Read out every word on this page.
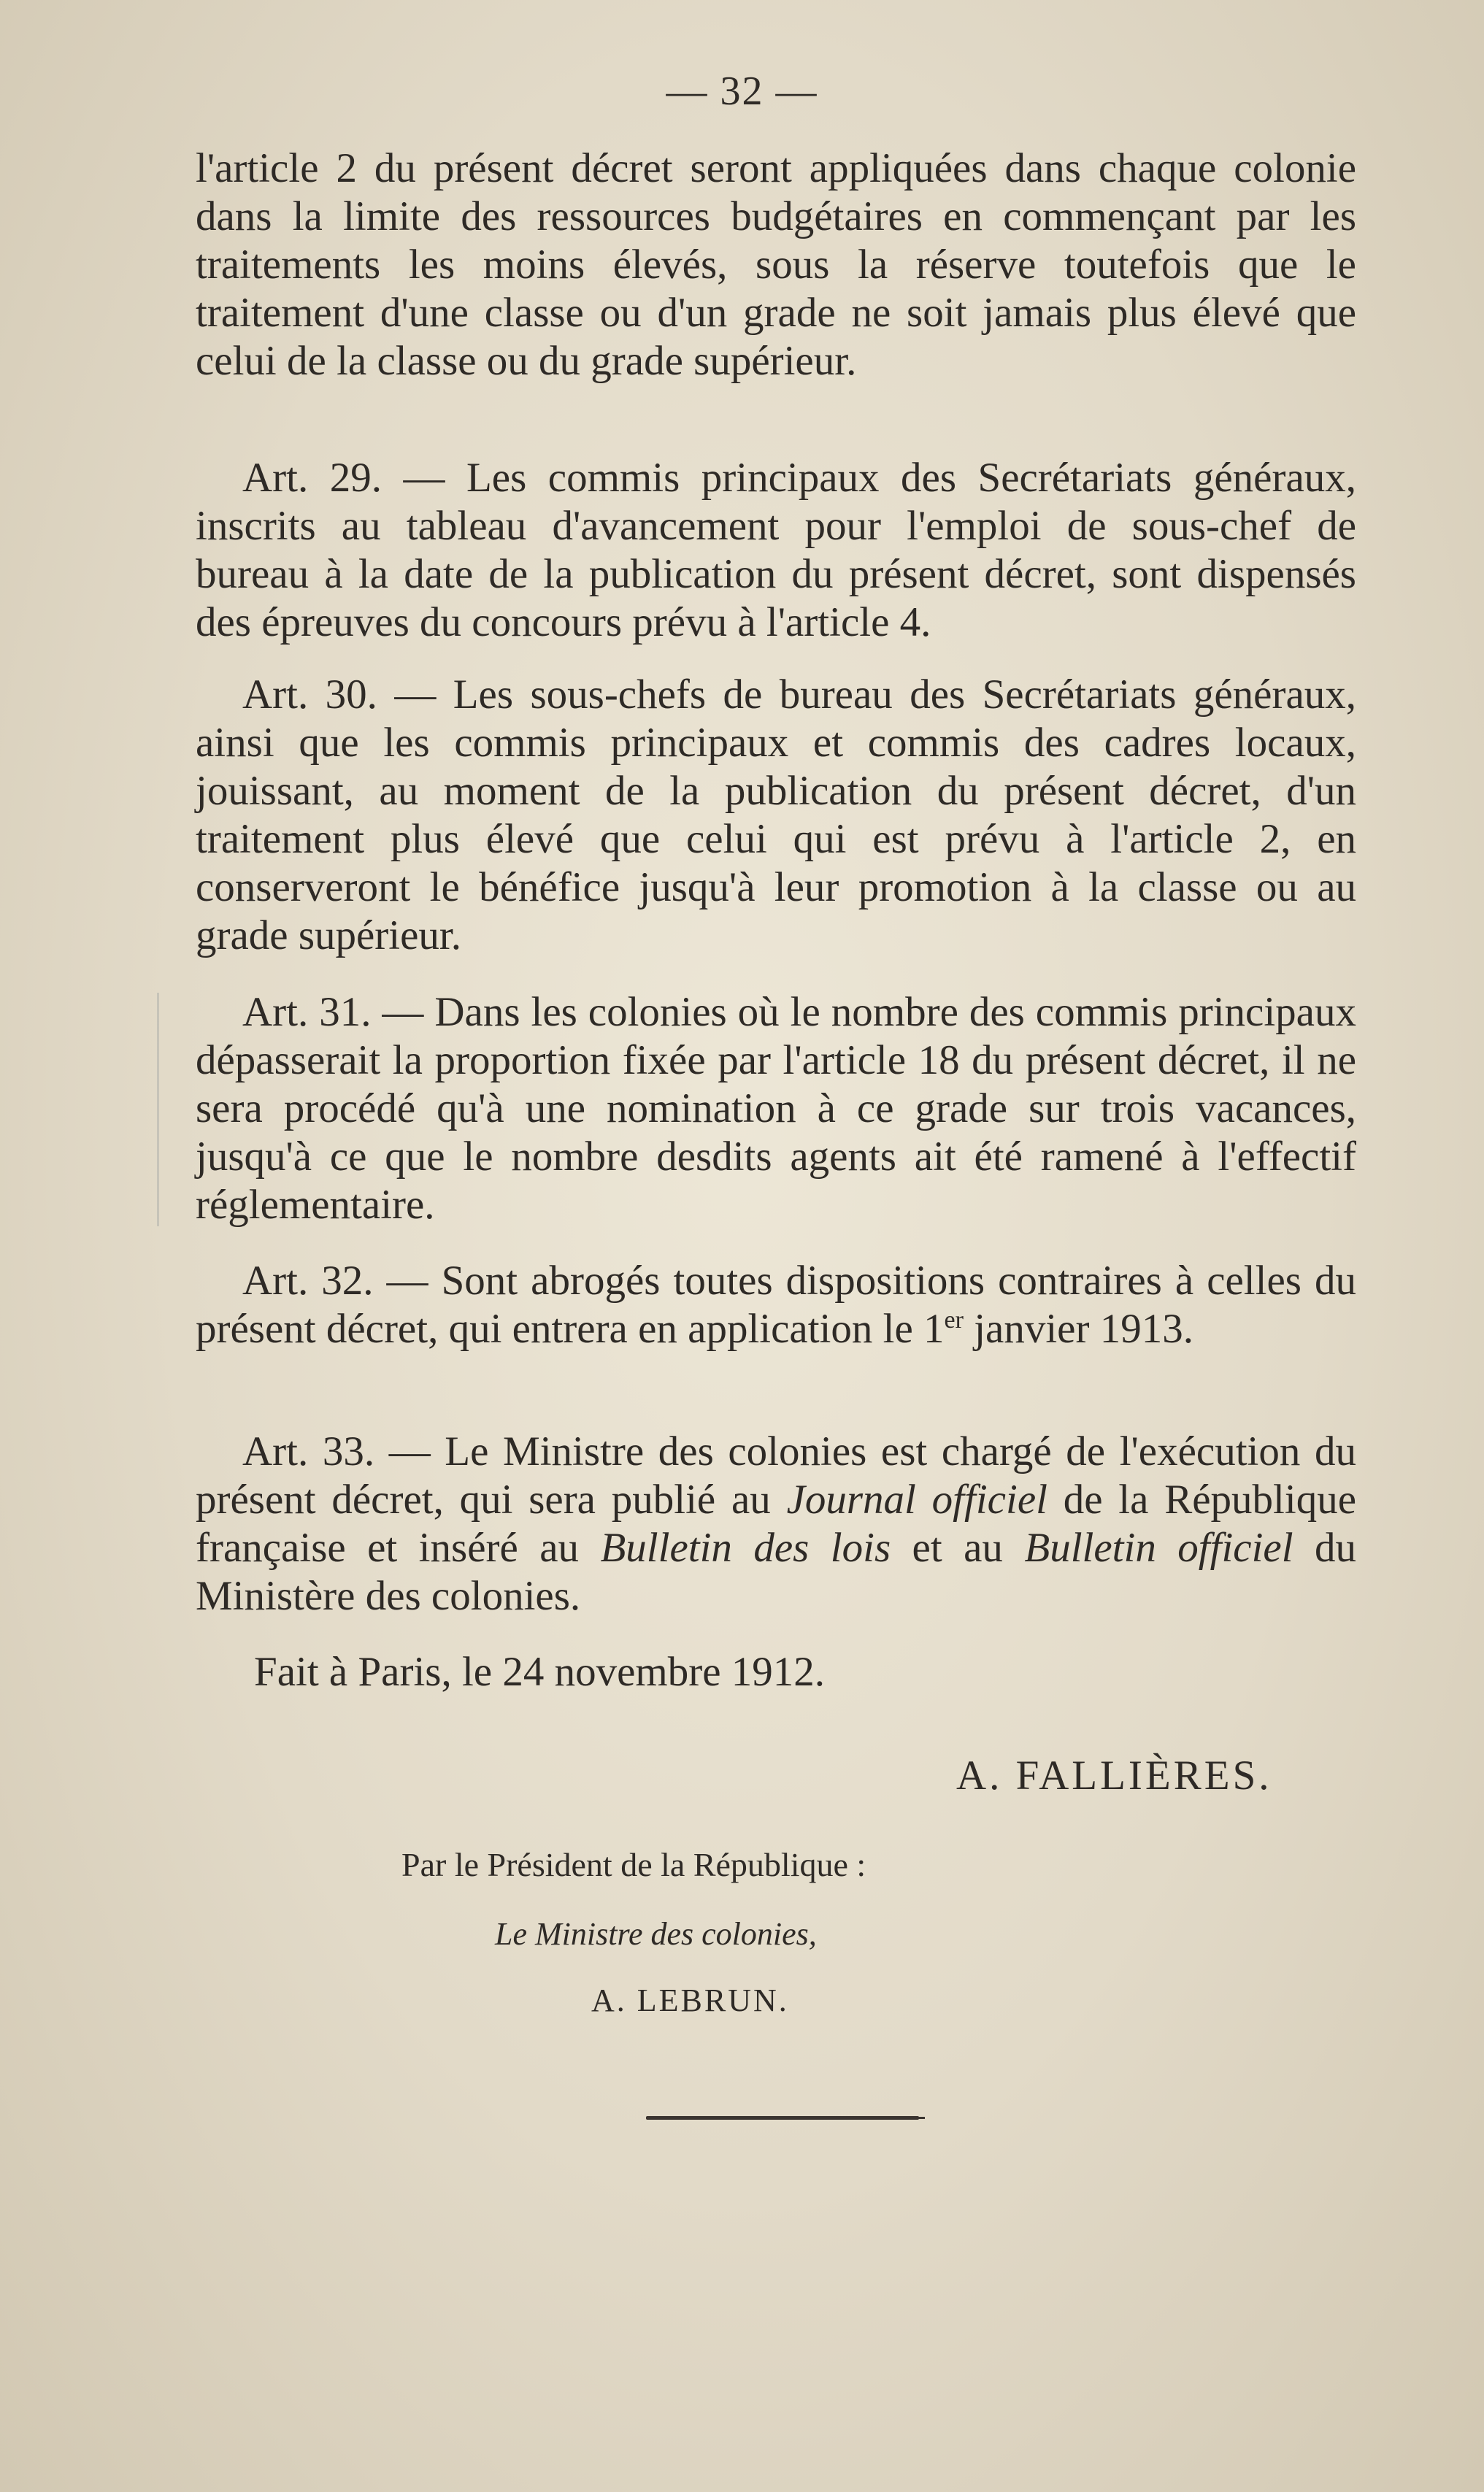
— 32 —

l'article 2 du présent décret seront appliquées dans chaque colonie dans la limite des ressources budgétaires en commençant par les traitements les moins élevés, sous la réserve toutefois que le traitement d'une classe ou d'un grade ne soit jamais plus élevé que celui de la classe ou du grade supérieur.

Art. 29. — Les commis principaux des Secrétariats généraux, inscrits au tableau d'avancement pour l'emploi de sous-chef de bureau à la date de la publication du présent décret, sont dispensés des épreuves du concours prévu à l'article 4.

Art. 30. — Les sous-chefs de bureau des Secrétariats généraux, ainsi que les commis principaux et commis des cadres locaux, jouissant, au moment de la publication du présent décret, d'un traitement plus élevé que celui qui est prévu à l'article 2, en conserveront le bénéfice jusqu'à leur promotion à la classe ou au grade supérieur.

Art. 31. — Dans les colonies où le nombre des commis principaux dépasserait la proportion fixée par l'article 18 du présent décret, il ne sera procédé qu'à une nomination à ce grade sur trois vacances, jusqu'à ce que le nombre desdits agents ait été ramené à l'effectif réglementaire.

Art. 32. — Sont abrogés toutes dispositions contraires à celles du présent décret, qui entrera en application le 1er janvier 1913.

Art. 33. — Le Ministre des colonies est chargé de l'exécution du présent décret, qui sera publié au Journal officiel de la République française et inséré au Bulletin des lois et au Bulletin officiel du Ministère des colonies.

Fait à Paris, le 24 novembre 1912.
A. FALLIÈRES.
Par le Président de la République :
Le Ministre des colonies,
A. LEBRUN.
